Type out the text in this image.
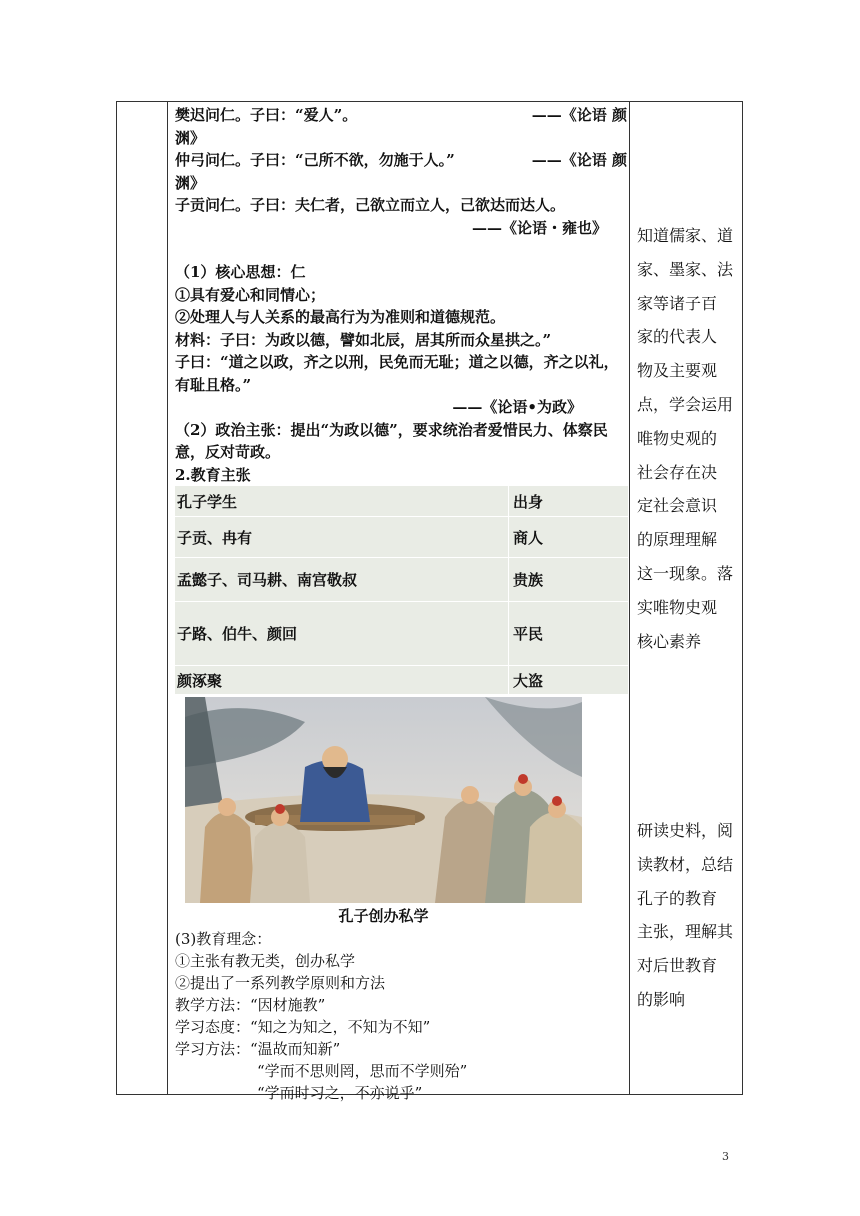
樊迟问仁。子曰：“爱人”。	——《论语 颜
渊》
仲弓问仁。子曰：“己所不欲，勿施于人。”	——《论语 颜
渊》
子贡问仁。子曰：夫仁者，己欲立而立人，己欲达而达人。
——《论语・雍也》
（1）核心思想：仁
①具有爱心和同情心；
②处理人与人关系的最高行为为准则和道德规范。
材料：子曰：为政以德，譬如北辰，居其所而众星拱之。”
子曰：“道之以政，齐之以刑，民免而无耻；道之以德，齐之以礼，有耻且格。”
——《论语•为政》
（2）政治主张：提出“为政以德”，要求统治者爱惜民力、体察民意，反对苛政。
2.教育主张
孔子学生	出身
子贡、冉有	商人
孟懿子、司马耕、南宫敬叔	贵族
子路、伯牛、颜回	平民
颜涿聚	大盗
孔子创办私学
(3)教育理念：
①主张有教无类，创办私学
②提出了一系列教学原则和方法
教学方法：“因材施教”
学习态度：“知之为知之，不知为不知”
学习方法：“温故而知新”
“学而不思则罔，思而不学则殆”
“学而时习之，不亦说乎”
知道儒家、道
家、墨家、法
家等诸子百
家的代表人
物及主要观
点，学会运用
唯物史观的
社会存在决
定社会意识
的原理理解
这一现象。落
实唯物史观
核心素养
研读史料，阅
读教材，总结
孔子的教育
主张，理解其
对后世教育
的影响
3
